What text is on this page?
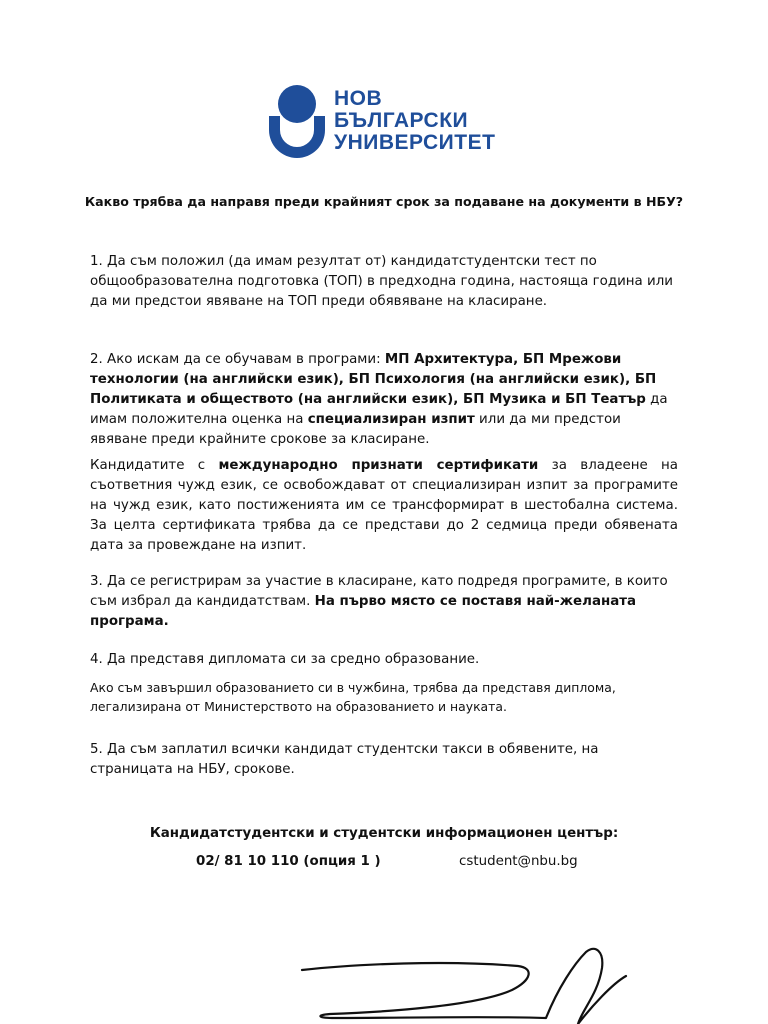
НОВ
БЪЛГАРСКИ
УНИВЕРСИТЕТ
Какво трябва да направя преди крайният срок за подаване на документи в НБУ?

1. Да съм положил (да имам резултат от) кандидатстудентски тест по общообразователна подготовка (ТОП) в предходна година, настояща година или да ми предстои явяване на ТОП преди обявяване на класиране.

2. Ако искам да се обучавам в програми: МП Архитектура, БП Мрежови технологии (на английски език), БП Психология (на английски език), БП Политиката и обществото (на английски език), БП Музика и БП Театър да имам положителна оценка на специализиран изпит или да ми предстои явяване преди крайните срокове за класиране.

Кандидатите с международно признати сертификати за владеене на съответния чужд език, се освобождават от специализиран изпит за програмите на чужд език, като постиженията им се трансформират в шестобална система. За целта сертификата трябва да се представи до 2 седмица преди обявената дата за провеждане на изпит.

3. Да се регистрирам за участие в класиране, като подредя програмите, в които съм избрал да кандидатствам. На първо място се поставя най-желаната програма.

4. Да представя дипломата си за средно образование.

Ако съм завършил образованието си в чужбина, трябва да представя диплома, легализирана от Министерството на образованието и науката.

5. Да съм заплатил всички кандидат студентски такси в обявените, на страницата на НБУ, срокове.

Кандидатстудентски и студентски информационен център:
02/ 81 10 110 (опция 1 )	cstudent@nbu.bg
